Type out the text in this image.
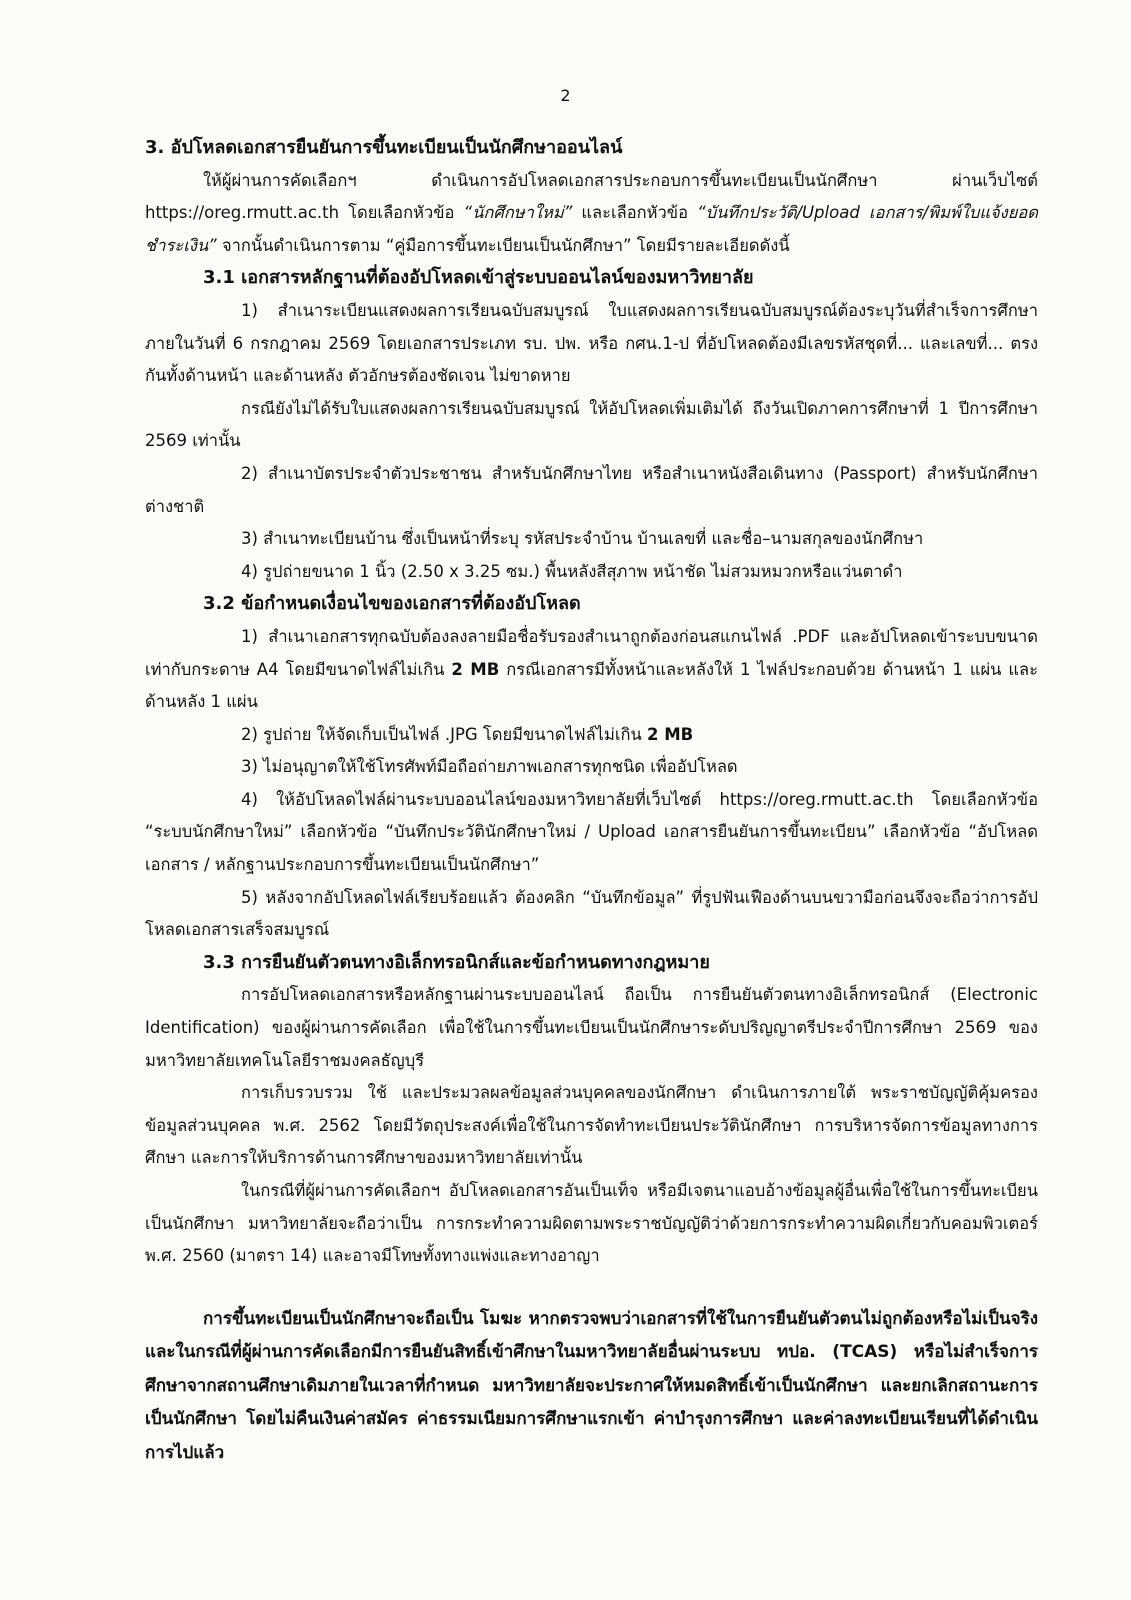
2

3. อัปโหลดเอกสารยืนยันการขึ้นทะเบียนเป็นนักศึกษาออนไลน์

ให้ผู้ผ่านการคัดเลือกฯ ดำเนินการอัปโหลดเอกสารประกอบการขึ้นทะเบียนเป็นนักศึกษา ผ่านเว็บไซต์ https://oreg.rmutt.ac.th โดยเลือกหัวข้อ “นักศึกษาใหม่” และเลือกหัวข้อ “บันทึกประวัติ/Upload เอกสาร/พิมพ์ใบแจ้งยอดชำระเงิน” จากนั้นดำเนินการตาม “คู่มือการขึ้นทะเบียนเป็นนักศึกษา” โดยมีรายละเอียดดังนี้

3.1 เอกสารหลักฐานที่ต้องอัปโหลดเข้าสู่ระบบออนไลน์ของมหาวิทยาลัย

1) สำเนาระเบียนแสดงผลการเรียนฉบับสมบูรณ์ ใบแสดงผลการเรียนฉบับสมบูรณ์ต้องระบุวันที่สำเร็จการศึกษา ภายในวันที่ 6 กรกฎาคม 2569 โดยเอกสารประเภท รบ. ปพ. หรือ กศน.1-ป ที่อัปโหลดต้องมีเลขรหัสชุดที่... และเลขที่... ตรงกันทั้งด้านหน้า และด้านหลัง ตัวอักษรต้องชัดเจน ไม่ขาดหาย

กรณียังไม่ได้รับใบแสดงผลการเรียนฉบับสมบูรณ์ ให้อัปโหลดเพิ่มเติมได้ ถึงวันเปิดภาคการศึกษาที่ 1 ปีการศึกษา 2569 เท่านั้น

2) สำเนาบัตรประจำตัวประชาชน สำหรับนักศึกษาไทย หรือสำเนาหนังสือเดินทาง (Passport) สำหรับนักศึกษาต่างชาติ

3) สำเนาทะเบียนบ้าน ซึ่งเป็นหน้าที่ระบุ รหัสประจำบ้าน บ้านเลขที่ และชื่อ–นามสกุลของนักศึกษา

4) รูปถ่ายขนาด 1 นิ้ว (2.50 x 3.25 ซม.) พื้นหลังสีสุภาพ หน้าชัด ไม่สวมหมวกหรือแว่นตาดำ

3.2 ข้อกำหนดเงื่อนไขของเอกสารที่ต้องอัปโหลด

1) สำเนาเอกสารทุกฉบับต้องลงลายมือชื่อรับรองสำเนาถูกต้องก่อนสแกนไฟล์ .PDF และอัปโหลดเข้าระบบขนาดเท่ากับกระดาษ A4 โดยมีขนาดไฟล์ไม่เกิน 2 MB กรณีเอกสารมีทั้งหน้าและหลังให้ 1 ไฟล์ประกอบด้วย ด้านหน้า 1 แผ่น และด้านหลัง 1 แผ่น

2) รูปถ่าย ให้จัดเก็บเป็นไฟล์ .JPG โดยมีขนาดไฟล์ไม่เกิน 2 MB

3) ไม่อนุญาตให้ใช้โทรศัพท์มือถือถ่ายภาพเอกสารทุกชนิด เพื่ออัปโหลด

4) ให้อัปโหลดไฟล์ผ่านระบบออนไลน์ของมหาวิทยาลัยที่เว็บไซต์ https://oreg.rmutt.ac.th โดยเลือกหัวข้อ “ระบบนักศึกษาใหม่” เลือกหัวข้อ “บันทึกประวัตินักศึกษาใหม่ / Upload เอกสารยืนยันการขึ้นทะเบียน” เลือกหัวข้อ “อัปโหลดเอกสาร / หลักฐานประกอบการขึ้นทะเบียนเป็นนักศึกษา”

5) หลังจากอัปโหลดไฟล์เรียบร้อยแล้ว ต้องคลิก “บันทึกข้อมูล” ที่รูปฟันเฟืองด้านบนขวามือก่อนจึงจะถือว่าการอัปโหลดเอกสารเสร็จสมบูรณ์

3.3 การยืนยันตัวตนทางอิเล็กทรอนิกส์และข้อกำหนดทางกฎหมาย

การอัปโหลดเอกสารหรือหลักฐานผ่านระบบออนไลน์ ถือเป็น การยืนยันตัวตนทางอิเล็กทรอนิกส์ (Electronic Identification) ของผู้ผ่านการคัดเลือก เพื่อใช้ในการขึ้นทะเบียนเป็นนักศึกษาระดับปริญญาตรีประจำปีการศึกษา 2569 ของมหาวิทยาลัยเทคโนโลยีราชมงคลธัญบุรี

การเก็บรวบรวม ใช้ และประมวลผลข้อมูลส่วนบุคคลของนักศึกษา ดำเนินการภายใต้ พระราชบัญญัติคุ้มครองข้อมูลส่วนบุคคล พ.ศ. 2562 โดยมีวัตถุประสงค์เพื่อใช้ในการจัดทำทะเบียนประวัตินักศึกษา การบริหารจัดการข้อมูลทางการศึกษา และการให้บริการด้านการศึกษาของมหาวิทยาลัยเท่านั้น

ในกรณีที่ผู้ผ่านการคัดเลือกฯ อัปโหลดเอกสารอันเป็นเท็จ หรือมีเจตนาแอบอ้างข้อมูลผู้อื่นเพื่อใช้ในการขึ้นทะเบียนเป็นนักศึกษา มหาวิทยาลัยจะถือว่าเป็น การกระทำความผิดตามพระราชบัญญัติว่าด้วยการกระทำความผิดเกี่ยวกับคอมพิวเตอร์ พ.ศ. 2560 (มาตรา 14) และอาจมีโทษทั้งทางแพ่งและทางอาญา

การขึ้นทะเบียนเป็นนักศึกษาจะถือเป็น โมฆะ หากตรวจพบว่าเอกสารที่ใช้ในการยืนยันตัวตนไม่ถูกต้องหรือไม่เป็นจริง และในกรณีที่ผู้ผ่านการคัดเลือกมีการยืนยันสิทธิ์เข้าศึกษาในมหาวิทยาลัยอื่นผ่านระบบ ทปอ. (TCAS) หรือไม่สำเร็จการศึกษาจากสถานศึกษาเดิมภายในเวลาที่กำหนด มหาวิทยาลัยจะประกาศให้หมดสิทธิ์เข้าเป็นนักศึกษา และยกเลิกสถานะการเป็นนักศึกษา โดยไม่คืนเงินค่าสมัคร ค่าธรรมเนียมการศึกษาแรกเข้า ค่าบำรุงการศึกษา และค่าลงทะเบียนเรียนที่ได้ดำเนินการไปแล้ว
